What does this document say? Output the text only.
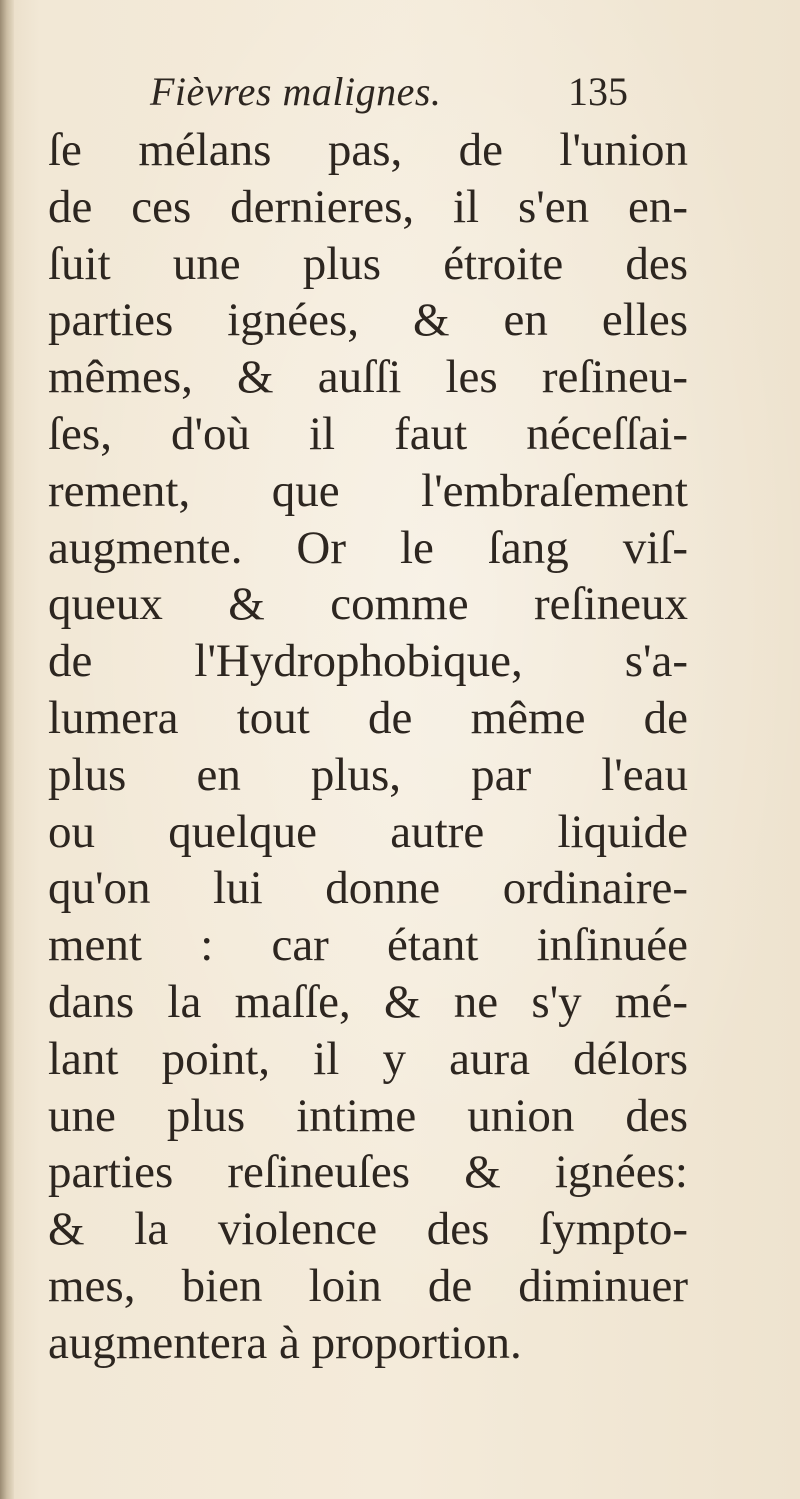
Fièvres malignes.	135
ſe mélans pas, de l'union
de ces dernieres, il s'en en-
ſuit une plus étroite des
parties ignées, & en elles
mêmes, & auſſi les reſineu-
ſes, d'où il faut néceſſai-
rement, que l'embraſement
augmente. Or le ſang viſ-
queux & comme reſineux
de l'Hydrophobique, s'a-
lumera tout de même de
plus en plus, par l'eau
ou quelque autre liquide
qu'on lui donne ordinaire-
ment : car étant inſinuée
dans la maſſe, & ne s'y mé-
lant point, il y aura délors
une plus intime union des
parties reſineuſes & ignées:
& la violence des ſympto-
mes, bien loin de diminuer
augmentera à proportion.
